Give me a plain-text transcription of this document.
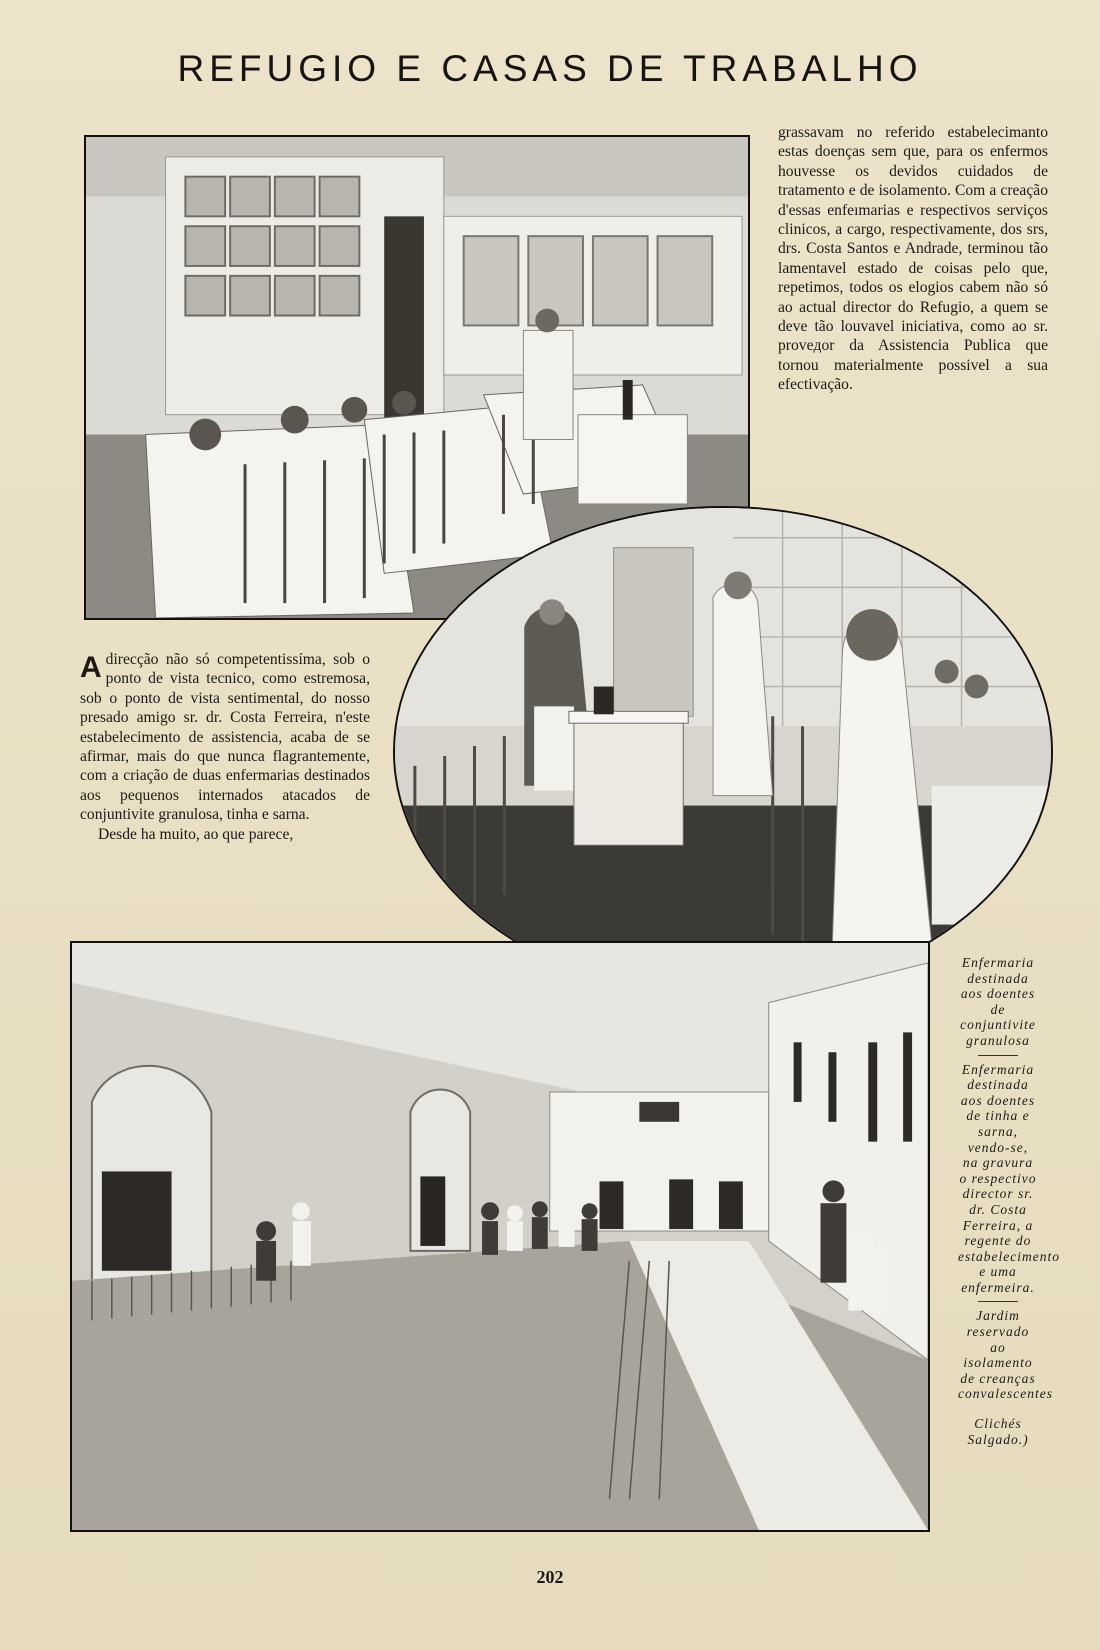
REFUGIO E CASAS DE TRABALHO

grassavam no referido estabelecimanto estas doenças sem que, para os enfermos houvesse os devidos cuidados de tratamento e de isolamento. Com a creação d'essas enfeımarias e respectivos serviços clinicos, a cargo, respectivamente, dos srs, drs. Costa Santos e Andrade, terminou tão lamentavel estado de coisas pelo que, repetimos, todos os elogios cabem não só ao actual director do Refugio, a quem se deve tão louvavel iniciativa, como ao sr. proveдor da Assistencia Publica que tornou materialmente possivel a sua efectivação.

Adirecção não só competentissíma, sob o ponto de vista tecnico, como estremosa, sob o ponto de vista sentimental, do nosso presado amigo sr. dr. Costa Ferreira, n'este estabelecimento de assistencia, acaba de se afirmar, mais do que nunca flagrantemente, com a criação de duas enfermarias destinados aos pequenos internados atacados de conjuntivite granulosa, tinha e sarna.

Desde ha muito, ao que parece,

Enfermaria destinada aos doentes de conjuntivite granulosa

Enfermaria destinada aos doentes de tinha e sarna, vendo-se, na gravura o respectivo director sr. dr. Costa Ferreira, a regente do estabelecimento e uma enfermeira.

Jardim reservado ao isolamento de creanças convalescentes

Clichés Salgado.)

202
